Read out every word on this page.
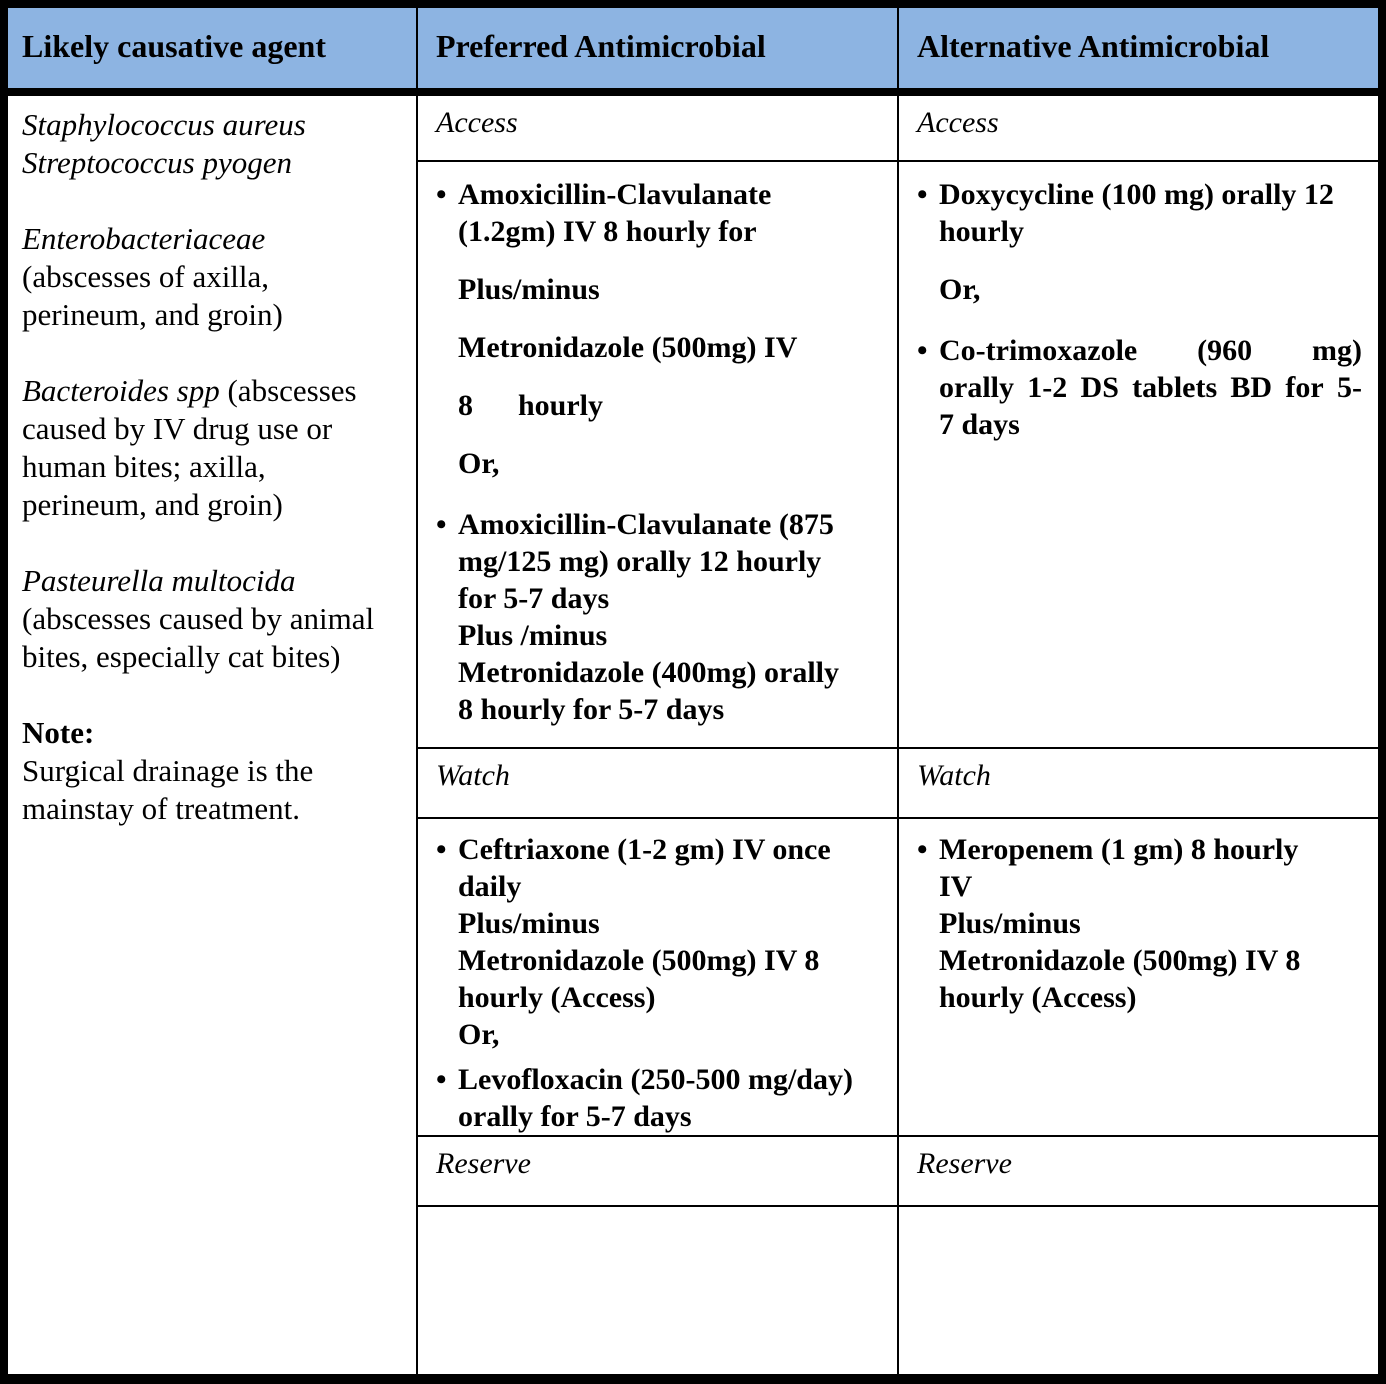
Likely causative agent	Preferred Antimicrobial	Alternative Antimicrobial
Staphylococcus aureus
Streptococcus pyogen
Enterobacteriaceae
(abscesses of axilla,
perineum, and groin)
Bacteroides spp (abscesses
caused by IV drug use or
human bites; axilla,
perineum, and groin)
Pasteurella multocida
(abscesses caused by animal
bites, especially cat bites)
Note:
Surgical drainage is the
mainstay of treatment.
Access
• Amoxicillin-Clavulanate
(1.2gm) IV 8 hourly for
Plus/minus
Metronidazole (500mg) IV
8      hourly
Or,
• Amoxicillin-Clavulanate (875
mg/125 mg) orally 12 hourly
for 5-7 days
Plus /minus
Metronidazole (400mg) orally
8 hourly for 5-7 days
Watch
• Ceftriaxone (1-2 gm) IV once
daily
Plus/minus
Metronidazole (500mg) IV 8
hourly (Access)
Or,
• Levofloxacin (250-500 mg/day)
orally for 5-7 days
Reserve
Access
• Doxycycline (100 mg) orally 12
hourly
Or,
• Co-trimoxazole (960 mg)
orally 1-2 DS tablets BD for 5-
7 days
Watch
• Meropenem (1 gm) 8 hourly
IV
Plus/minus
Metronidazole (500mg) IV 8
hourly (Access)
Reserve
